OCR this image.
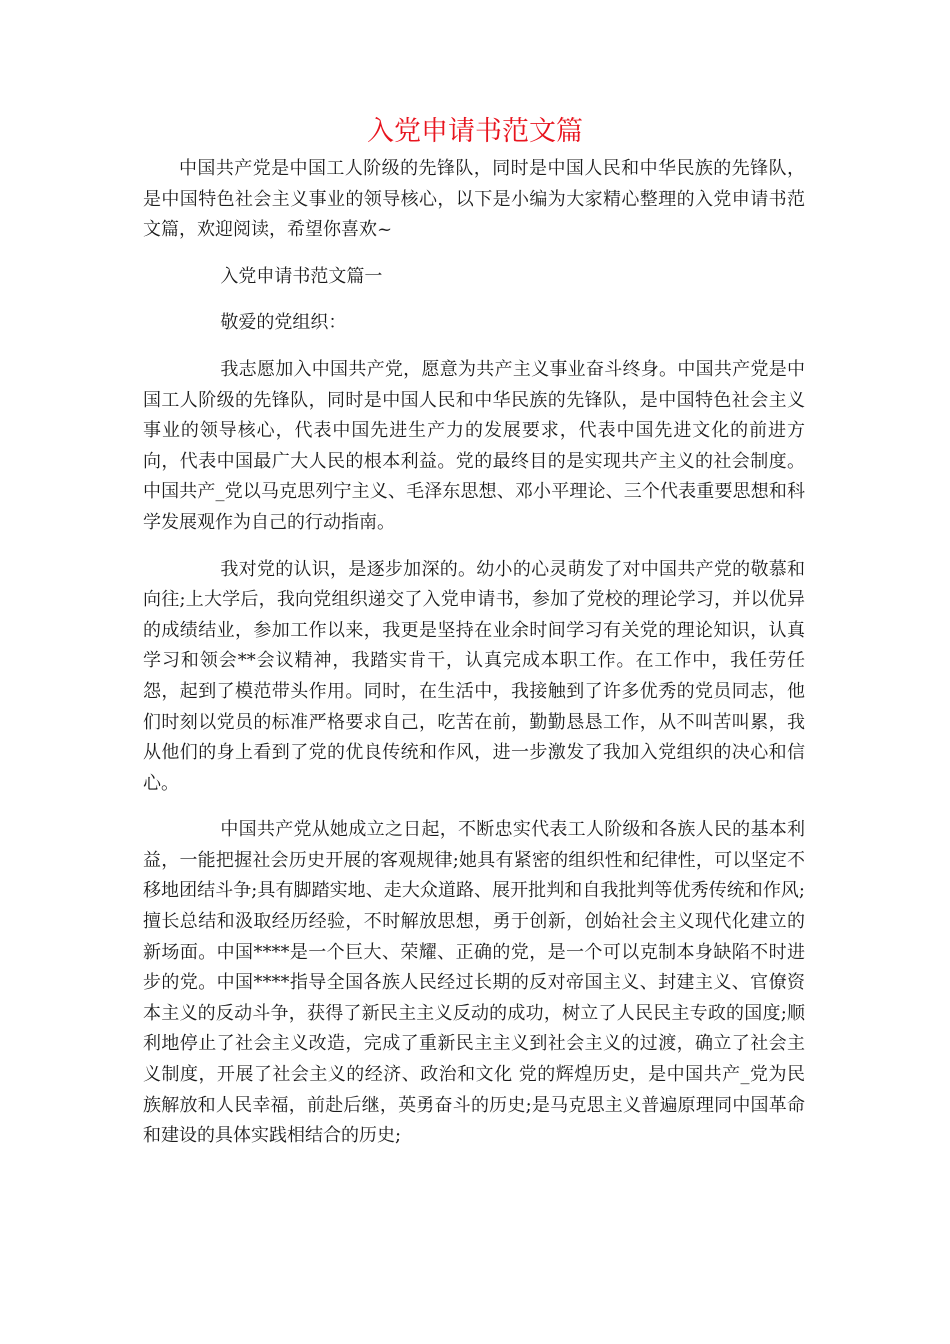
入党申请书范文篇

中国共产党是中国工人阶级的先锋队，同时是中国人民和中华民族的先锋队，是中国特色社会主义事业的领导核心，以下是小编为大家精心整理的入党申请书范文篇，欢迎阅读，希望你喜欢~

入党申请书范文篇一

敬爱的党组织：

我志愿加入中国共产党，愿意为共产主义事业奋斗终身。中国共产党是中国工人阶级的先锋队，同时是中国人民和中华民族的先锋队，是中国特色社会主义事业的领导核心，代表中国先进生产力的发展要求，代表中国先进文化的前进方向，代表中国最广大人民的根本利益。党的最终目的是实现共产主义的社会制度。中国共产_党以马克思列宁主义、毛泽东思想、邓小平理论、三个代表重要思想和科学发展观作为自己的行动指南。

我对党的认识，是逐步加深的。幼小的心灵萌发了对中国共产党的敬慕和向往;上大学后，我向党组织递交了入党申请书，参加了党校的理论学习，并以优异的成绩结业，参加工作以来，我更是坚持在业余时间学习有关党的理论知识，认真学习和领会**会议精神，我踏实肯干，认真完成本职工作。在工作中，我任劳任怨，起到了模范带头作用。同时，在生活中，我接触到了许多优秀的党员同志，他们时刻以党员的标准严格要求自己，吃苦在前，勤勤恳恳工作，从不叫苦叫累，我从他们的身上看到了党的优良传统和作风，进一步激发了我加入党组织的决心和信心。

中国共产党从她成立之日起，不断忠实代表工人阶级和各族人民的基本利益，一能把握社会历史开展的客观规律;她具有紧密的组织性和纪律性，可以坚定不移地团结斗争;具有脚踏实地、走大众道路、展开批判和自我批判等优秀传统和作风;擅长总结和汲取经历经验，不时解放思想，勇于创新，创始社会主义现代化建立的新场面。中国****是一个巨大、荣耀、正确的党，是一个可以克制本身缺陷不时进步的党。中国****指导全国各族人民经过长期的反对帝国主义、封建主义、官僚资本主义的反动斗争，获得了新民主主义反动的成功，树立了人民民主专政的国度;顺利地停止了社会主义改造，完成了重新民主主义到社会主义的过渡，确立了社会主义制度，开展了社会主义的经济、政治和文化 党的辉煌历史，是中国共产_党为民族解放和人民幸福，前赴后继，英勇奋斗的历史;是马克思主义普遍原理同中国革命和建设的具体实践相结合的历史;
